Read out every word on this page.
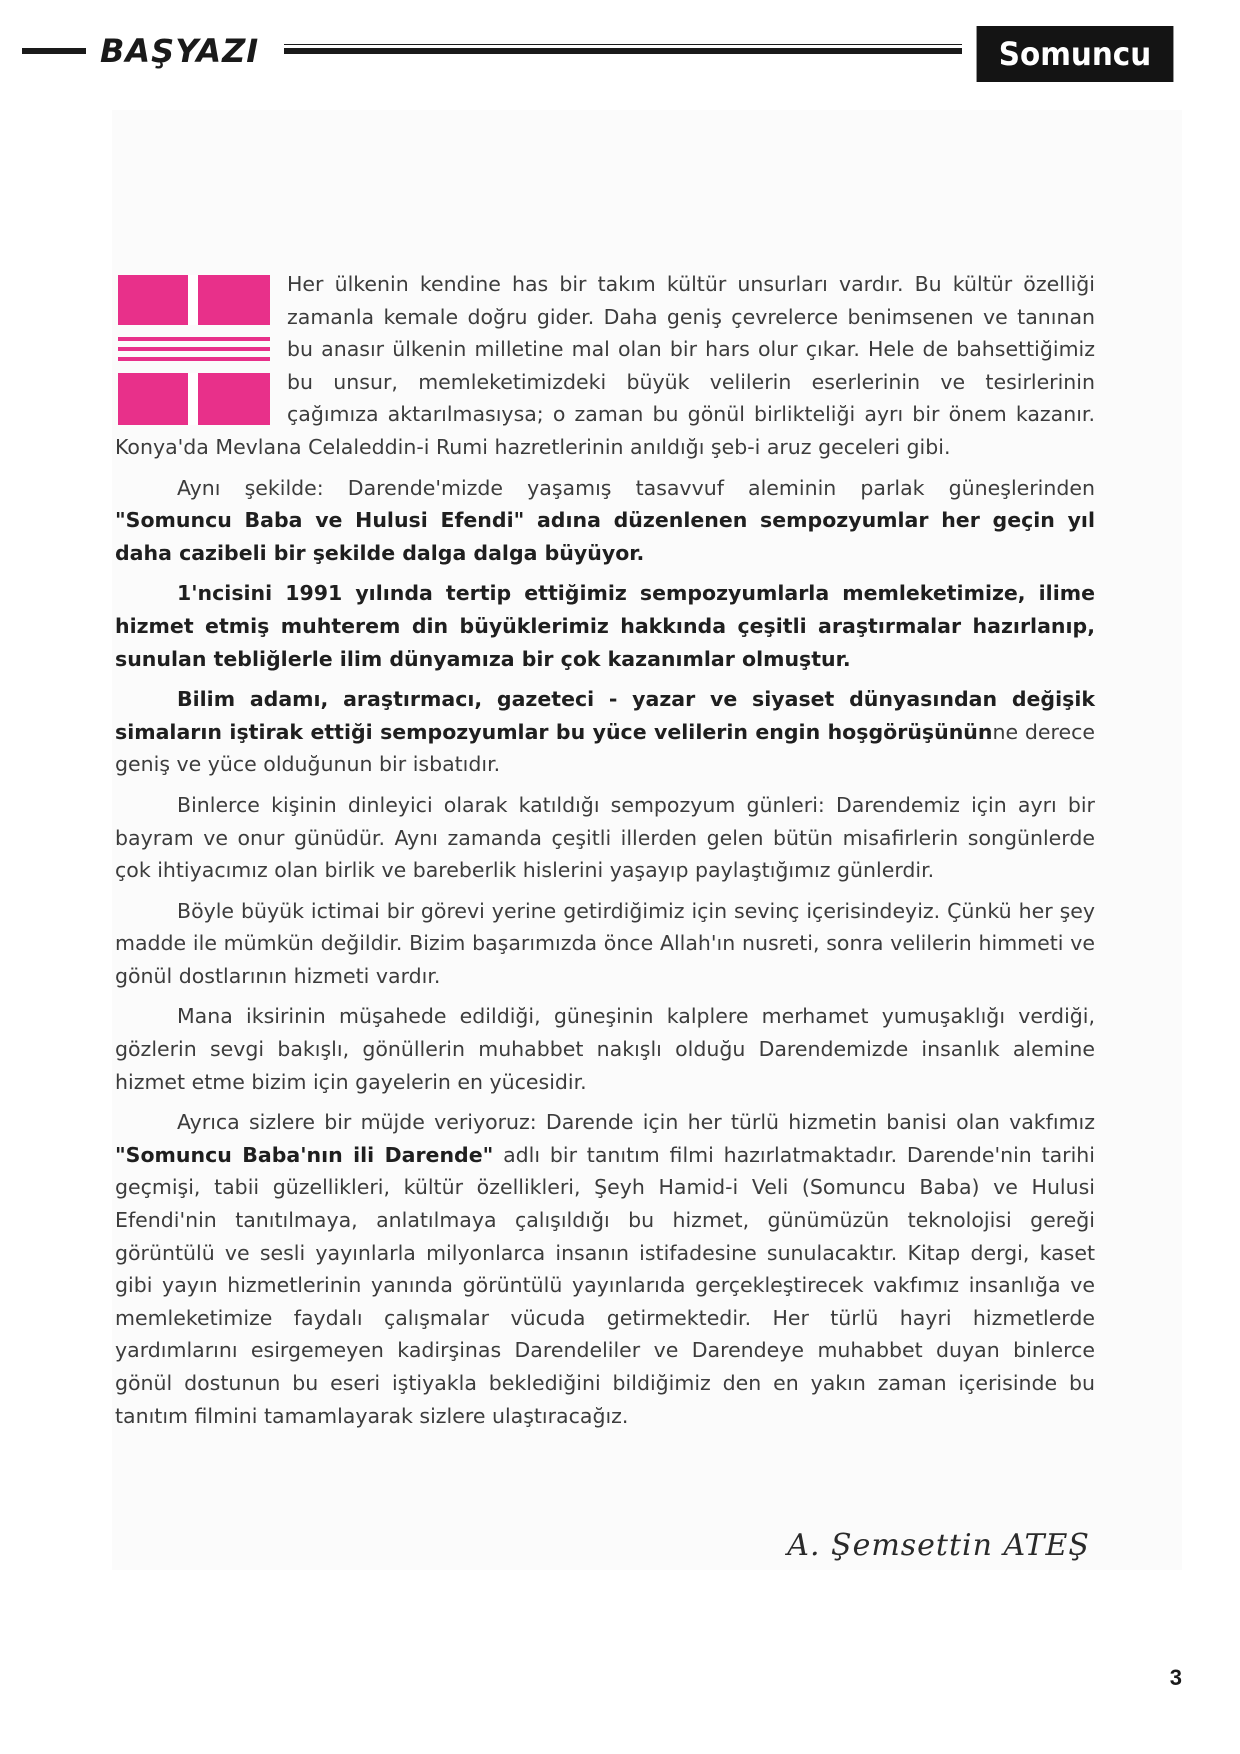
BAŞYAZI	Somuncu

Her ülkenin kendine has bir takım kültür unsurları vardır. Bu kültür özelliği zamanla kemale doğru gider. Daha geniş çevrelerce benimsenen ve tanınan bu anasır ülkenin milletine mal olan bir hars olur çıkar. Hele de bahsettiğimiz bu unsur, memleketimizdeki büyük velilerin eserlerinin ve tesirlerinin çağımıza aktarılmasıysa; o zaman bu gönül birlikteliği ayrı bir önem kazanır. Konya'da Mevlana Celaleddin-i Rumi hazretlerinin anıldığı şeb-i aruz geceleri gibi.

Aynı şekilde: Darende'mizde yaşamış tasavvuf aleminin parlak güneşlerinden "Somuncu Baba ve Hulusi Efendi" adına düzenlenen sempozyumlar her geçin yıl daha cazibeli bir şekilde dalga dalga büyüyor.

1'ncisini 1991 yılında tertip ettiğimiz sempozyumlarla memleketimize, ilime hizmet etmiş muhterem din büyüklerimiz hakkında çeşitli araştırmalar hazırlanıp, sunulan tebliğlerle ilim dünyamıza bir çok kazanımlar olmuştur.

Bilim adamı, araştırmacı, gazeteci - yazar ve siyaset dünyasından değişik simaların iştirak ettiği sempozyumlar bu yüce velilerin engin hoşgörüşününne derece geniş ve yüce olduğunun bir isbatıdır.

Binlerce kişinin dinleyici olarak katıldığı sempozyum günleri: Darendemiz için ayrı bir bayram ve onur günüdür. Aynı zamanda çeşitli illerden gelen bütün misafirlerin songünlerde çok ihtiyacımız olan birlik ve bareberlik hislerini yaşayıp paylaştığımız günlerdir.

Böyle büyük ictimai bir görevi yerine getirdiğimiz için sevinç içerisindeyiz. Çünkü her şey madde ile mümkün değildir. Bizim başarımızda önce Allah'ın nusreti, sonra velilerin himmeti ve gönül dostlarının hizmeti vardır.

Mana iksirinin müşahede edildiği, güneşinin kalplere merhamet yumuşaklığı verdiği, gözlerin sevgi bakışlı, gönüllerin muhabbet nakışlı olduğu Darendemizde insanlık alemine hizmet etme bizim için gayelerin en yücesidir.

Ayrıca sizlere bir müjde veriyoruz: Darende için her türlü hizmetin banisi olan vakfımız "Somuncu Baba'nın ili Darende" adlı bir tanıtım filmi hazırlatmaktadır. Darende'nin tarihi geçmişi, tabii güzellikleri, kültür özellikleri, Şeyh Hamid-i Veli (Somuncu Baba) ve Hulusi Efendi'nin tanıtılmaya, anlatılmaya çalışıldığı bu hizmet, günümüzün teknolojisi gereği görüntülü ve sesli yayınlarla milyonlarca insanın istifadesine sunulacaktır. Kitap dergi, kaset gibi yayın hizmetlerinin yanında görüntülü yayınlarıda gerçekleştirecek vakfımız insanlığa ve memleketimize faydalı çalışmalar vücuda getirmektedir. Her türlü hayri hizmetlerde yardımlarını esirgemeyen kadirşinas Darendeliler ve Darendeye muhabbet duyan binlerce gönül dostunun bu eseri iştiyakla beklediğini bildiğimiz den en yakın zaman içerisinde bu tanıtım filmini tamamlayarak sizlere ulaştıracağız.

A. Şemsettin ATEŞ
3
